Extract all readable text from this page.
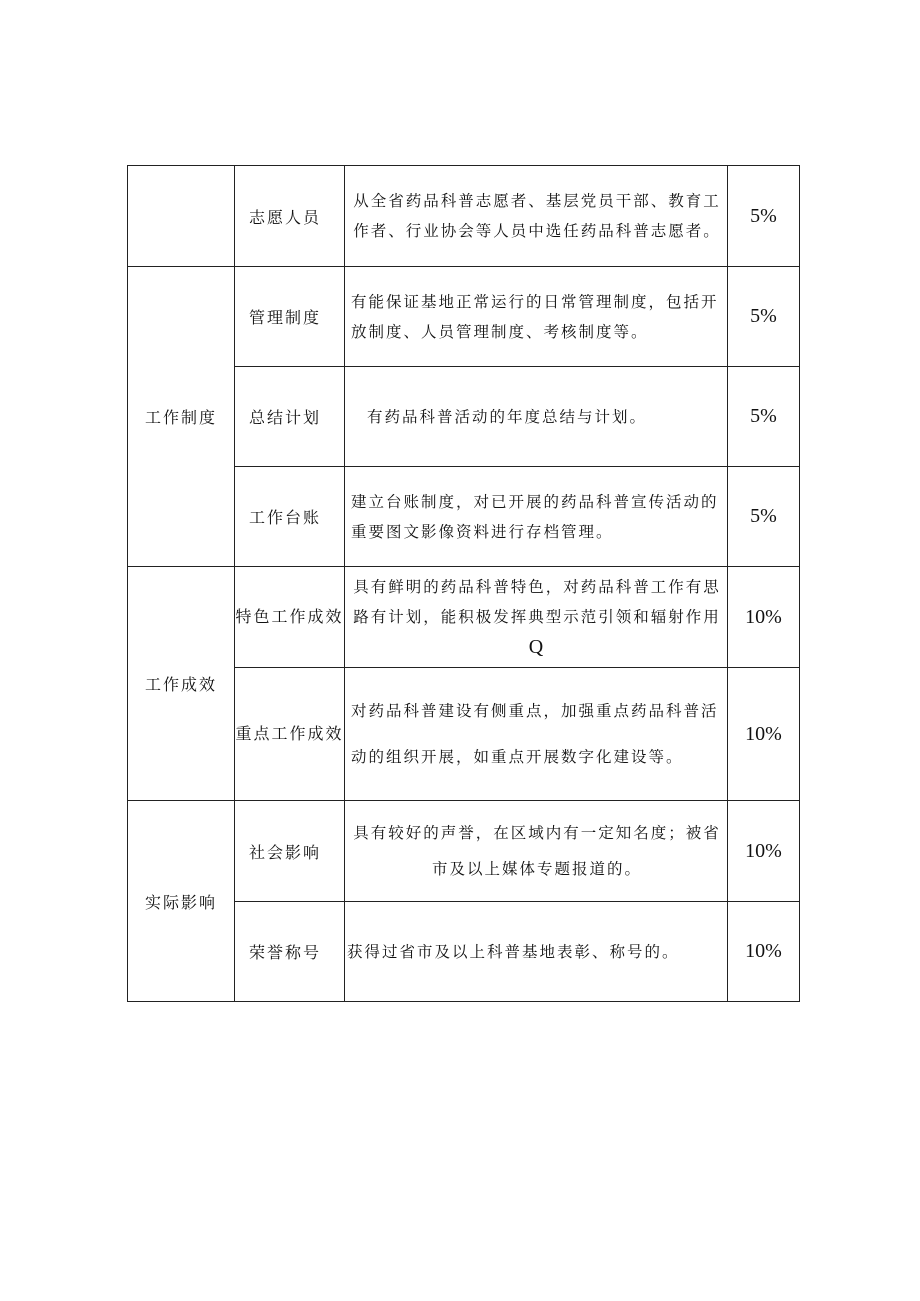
	志愿人员	从全省药品科普志愿者、基层党员干部、教育工作者、行业协会等人员中选任药品科普志愿者。	5%
工作制度	管理制度	有能保证基地正常运行的日常管理制度，包括开放制度、人员管理制度、考核制度等。	5%

	总结计划	有药品科普活动的年度总结与计划。	5%

	工作台账	建立台账制度，对已开展的药品科普宣传活动的重要图文影像资料进行存档管理。	5%
工作成效	特色工作成效	具有鲜明的药品科普特色，对药品科普工作有思路有计划，能积极发挥典型示范引领和辐射作用Q	10%

	重点工作成效	对药品科普建设有侧重点，加强重点药品科普活动的组织开展，如重点开展数字化建设等。	10%
实际影响	社会影响	具有较好的声誉，在区域内有一定知名度；被省市及以上媒体专题报道的。	10%

	荣誉称号	获得过省市及以上科普基地表彰、称号的。	10%
